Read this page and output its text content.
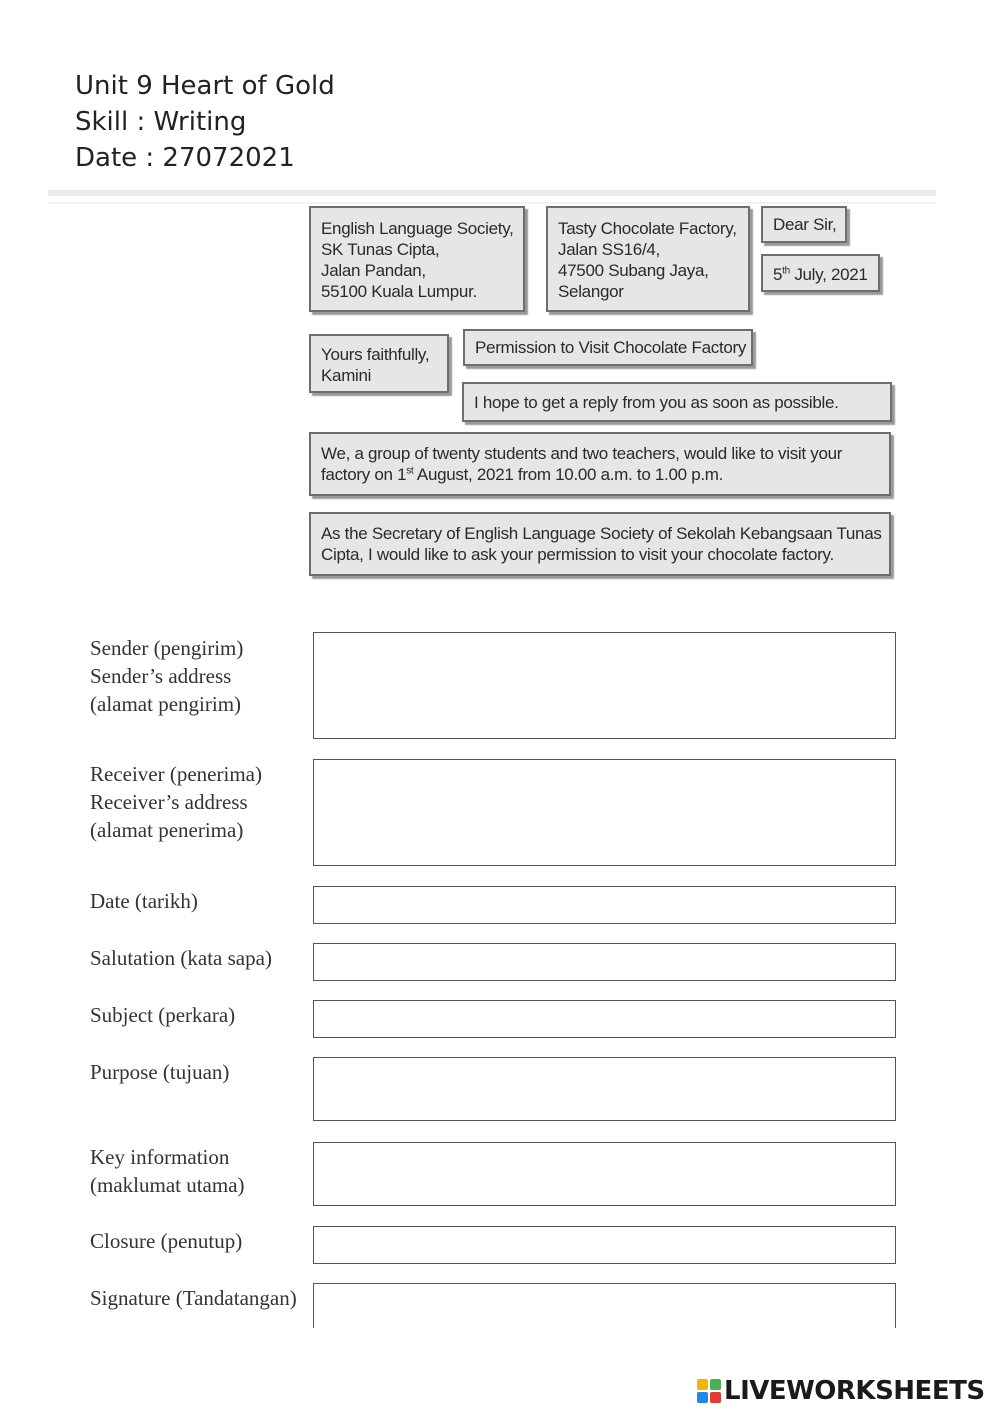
Unit 9 Heart of Gold
Skill : Writing
Date : 27072021
English Language Society,
SK Tunas Cipta,
Jalan Pandan,
55100 Kuala Lumpur.
Tasty Chocolate Factory,
Jalan SS16/4,
47500 Subang Jaya,
Selangor
Dear Sir,
5th July, 2021
Yours faithfully,
Kamini
Permission to Visit Chocolate Factory
I hope to get a reply from you as soon as possible.
We, a group of twenty students and two teachers, would like to visit your
factory on 1st August, 2021 from 10.00 a.m. to 1.00 p.m.
As the Secretary of English Language Society of Sekolah Kebangsaan Tunas
Cipta, I would like to ask your permission to visit your chocolate factory.
Sender (pengirim)
Sender’s address
(alamat pengirim)
Receiver (penerima)
Receiver’s address
(alamat penerima)
Date (tarikh)
Salutation (kata sapa)
Subject (perkara)
Purpose (tujuan)
Key information
(maklumat utama)
Closure (penutup)
Signature (Tandatangan)
LIVEWORKSHEETS
